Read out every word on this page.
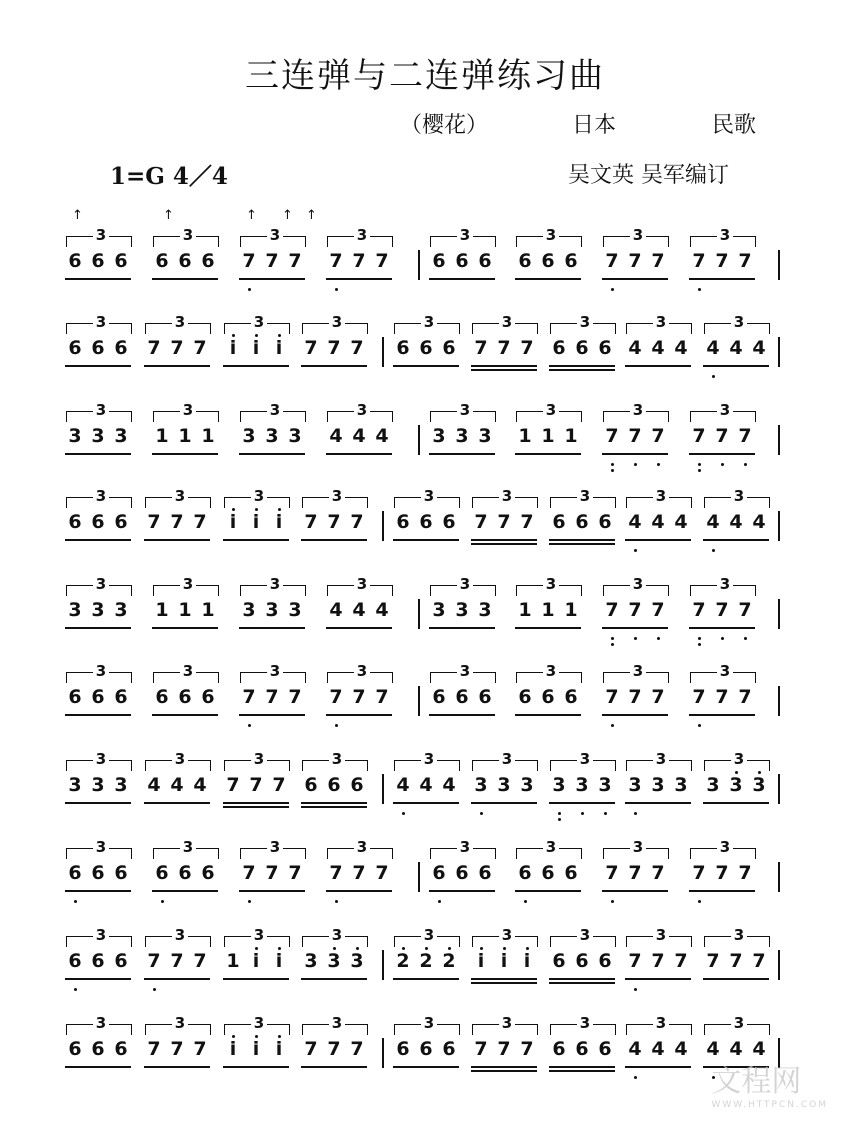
三连弹与二连弹练习曲
（樱花）	日本	民歌
1=G 4／4	吴文英 吴军编订
3
6 6 6
3
6 6 6
3
7 7 7
3
7 7 7
3
6 6 6
3
6 6 6
3
7 7 7
3
7 7 7
↑	↑	↑ ↑ ↑
3
6 6 6
3
7 7 7
3
i i i
3
7 7 7
3
6 6 6
3
7 7 7
3
6 6 6
3
4 4 4
3
4 4 4
3
3 3 3
3
1 1 1
3
3 3 3
3
4 4 4
3
3 3 3
3
1 1 1
3
7 7 7
3
7 7 7
3
6 6 6
3
7 7 7
3
i i i
3
7 7 7
3
6 6 6
3
7 7 7
3
6 6 6
3
4 4 4
3
4 4 4
3
3 3 3
3
1 1 1
3
3 3 3
3
4 4 4
3
3 3 3
3
1 1 1
3
7 7 7
3
7 7 7
3
6 6 6
3
6 6 6
3
7 7 7
3
7 7 7
3
6 6 6
3
6 6 6
3
7 7 7
3
7 7 7
3
3 3 3
3
4 4 4
3
7 7 7
3
6 6 6
3
4 4 4
3
3 3 3
3
3 3 3
3
3 3 3
3
3 3 3
3
6 6 6
3
6 6 6
3
7 7 7
3
7 7 7
3
6 6 6
3
6 6 6
3
7 7 7
3
7 7 7
3
6 6 6
3
7 7 7
3
1 i i
3
3 3 3
3
2 2 2
3
i i i
3
6 6 6
3
7 7 7
3
7 7 7
3
6 6 6
3
7 7 7
3
i i i
3
7 7 7
3
6 6 6
3
7 7 7
3
6 6 6
3
4 4 4
3
4 4 4
文程网
WWW.HTTPCN.COM
